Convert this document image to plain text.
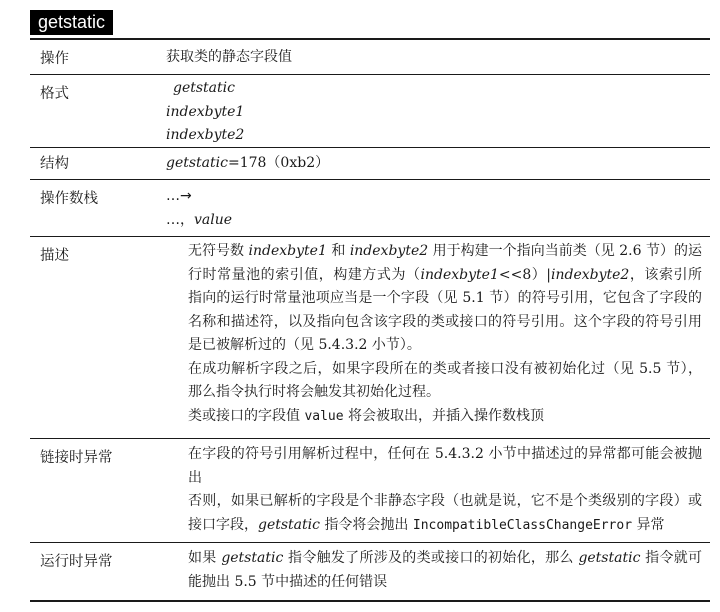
getstatic
操作	获取类的静态字段值
格式	getstatic
indexbyte1
indexbyte2
结构	getstatic=178（0xb2）
操作数栈	…→
…，value
描述	无符号数 indexbyte1 和 indexbyte2 用于构建一个指向当前类（见 2.6 节）的运行时常量池的索引值，构建方式为（indexbyte1<<8）|indexbyte2，该索引所指向的运行时常量池项应当是一个字段（见 5.1 节）的符号引用，它包含了字段的名称和描述符，以及指向包含该字段的类或接口的符号引用。这个字段的符号引用是已被解析过的（见 5.4.3.2 小节）。
在成功解析字段之后，如果字段所在的类或者接口没有被初始化过（见 5.5 节），那么指令执行时将会触发其初始化过程。
类或接口的字段值 value 将会被取出，并插入操作数栈顶
链接时异常	在字段的符号引用解析过程中，任何在 5.4.3.2 小节中描述过的异常都可能会被抛出
否则，如果已解析的字段是个非静态字段（也就是说，它不是个类级别的字段）或接口字段，getstatic 指令将会抛出 IncompatibleClassChangeError 异常
运行时异常	如果 getstatic 指令触发了所涉及的类或接口的初始化，那么 getstatic 指令就可能抛出 5.5 节中描述的任何错误
